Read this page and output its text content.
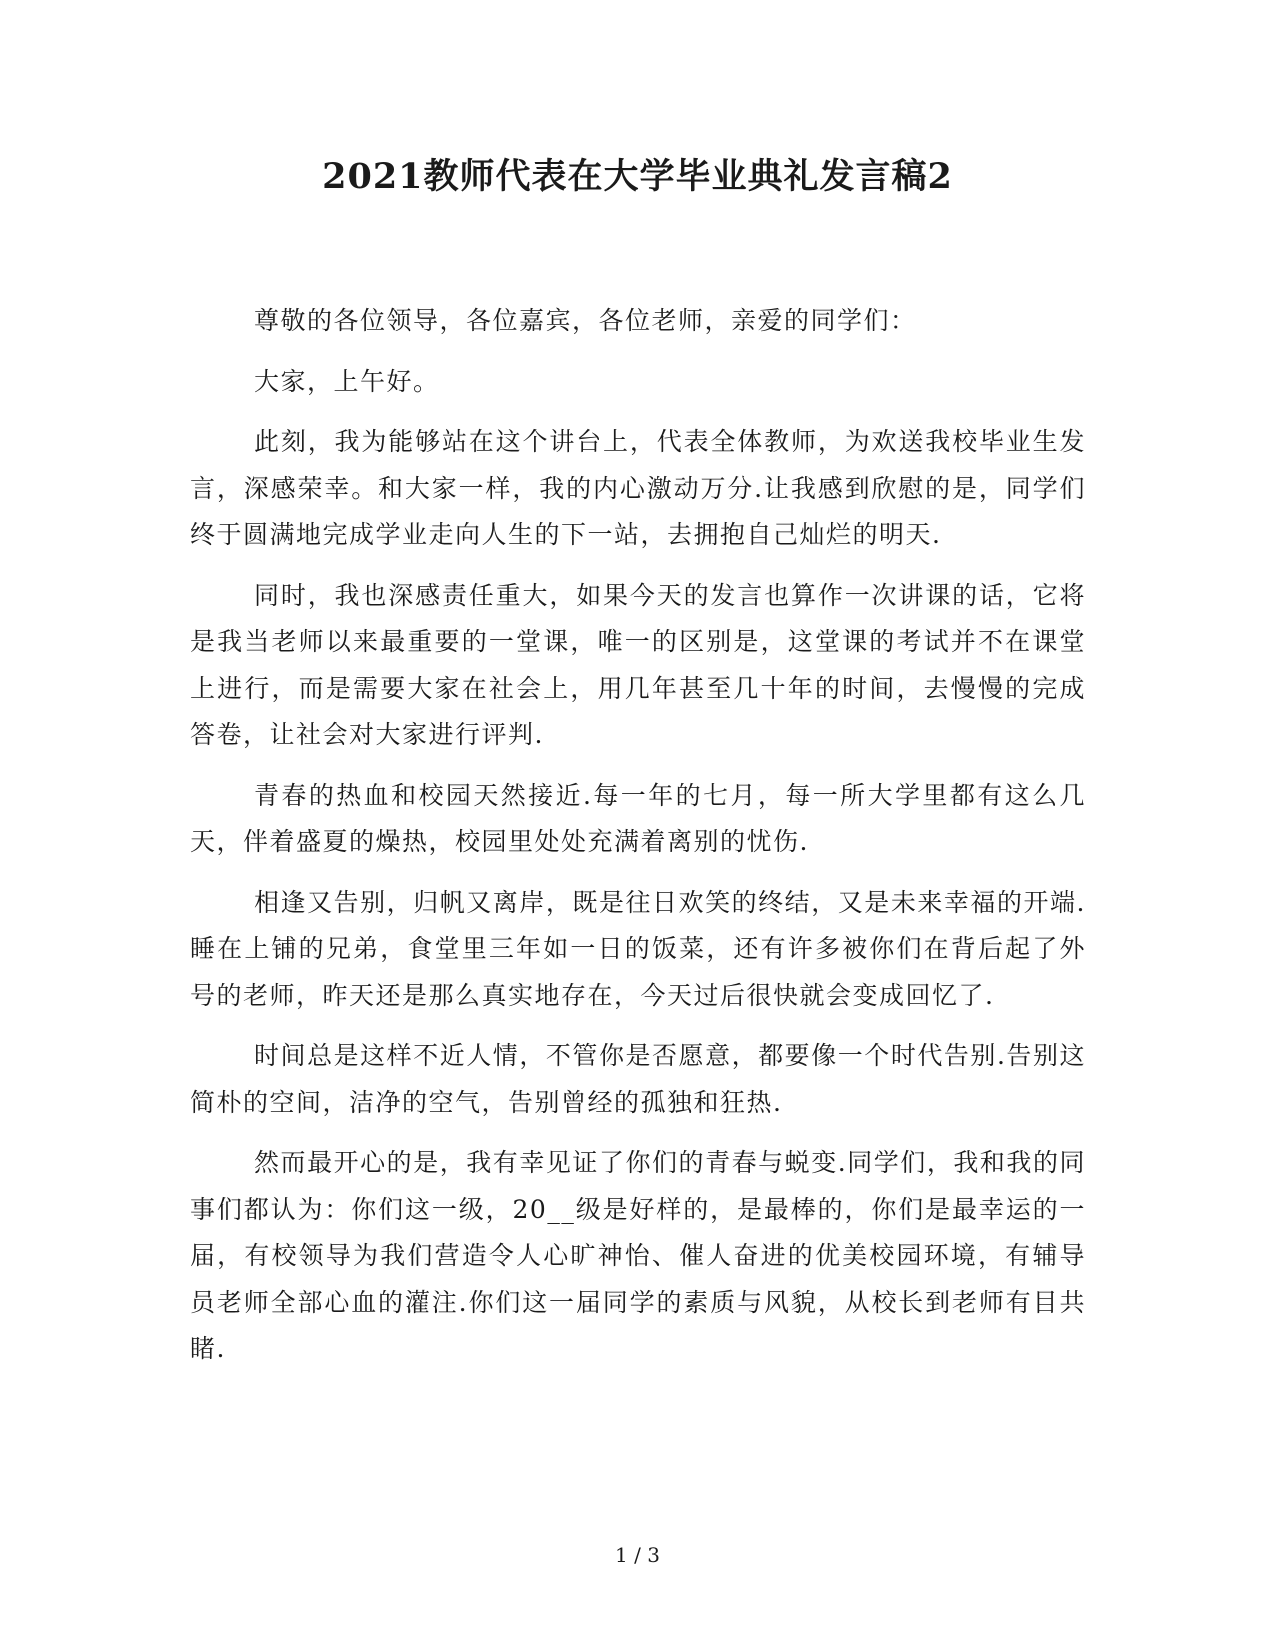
2021教师代表在大学毕业典礼发言稿2

尊敬的各位领导，各位嘉宾，各位老师，亲爱的同学们：

大家，上午好。

此刻，我为能够站在这个讲台上，代表全体教师，为欢送我校毕业生发言，深感荣幸。和大家一样，我的内心激动万分.让我感到欣慰的是，同学们终于圆满地完成学业走向人生的下一站，去拥抱自己灿烂的明天.

同时，我也深感责任重大，如果今天的发言也算作一次讲课的话，它将是我当老师以来最重要的一堂课，唯一的区别是，这堂课的考试并不在课堂上进行，而是需要大家在社会上，用几年甚至几十年的时间，去慢慢的完成答卷，让社会对大家进行评判.

青春的热血和校园天然接近.每一年的七月，每一所大学里都有这么几天，伴着盛夏的燥热，校园里处处充满着离别的忧伤.

相逢又告别，归帆又离岸，既是往日欢笑的终结，又是未来幸福的开端.睡在上铺的兄弟，食堂里三年如一日的饭菜，还有许多被你们在背后起了外号的老师，昨天还是那么真实地存在，今天过后很快就会变成回忆了.

时间总是这样不近人情，不管你是否愿意，都要像一个时代告别.告别这简朴的空间，洁净的空气，告别曾经的孤独和狂热.

然而最开心的是，我有幸见证了你们的青春与蜕变.同学们，我和我的同事们都认为：你们这一级，20__级是好样的，是最棒的，你们是最幸运的一届，有校领导为我们营造令人心旷神怡、催人奋进的优美校园环境，有辅导员老师全部心血的灌注.你们这一届同学的素质与风貌，从校长到老师有目共睹.

1 / 3
